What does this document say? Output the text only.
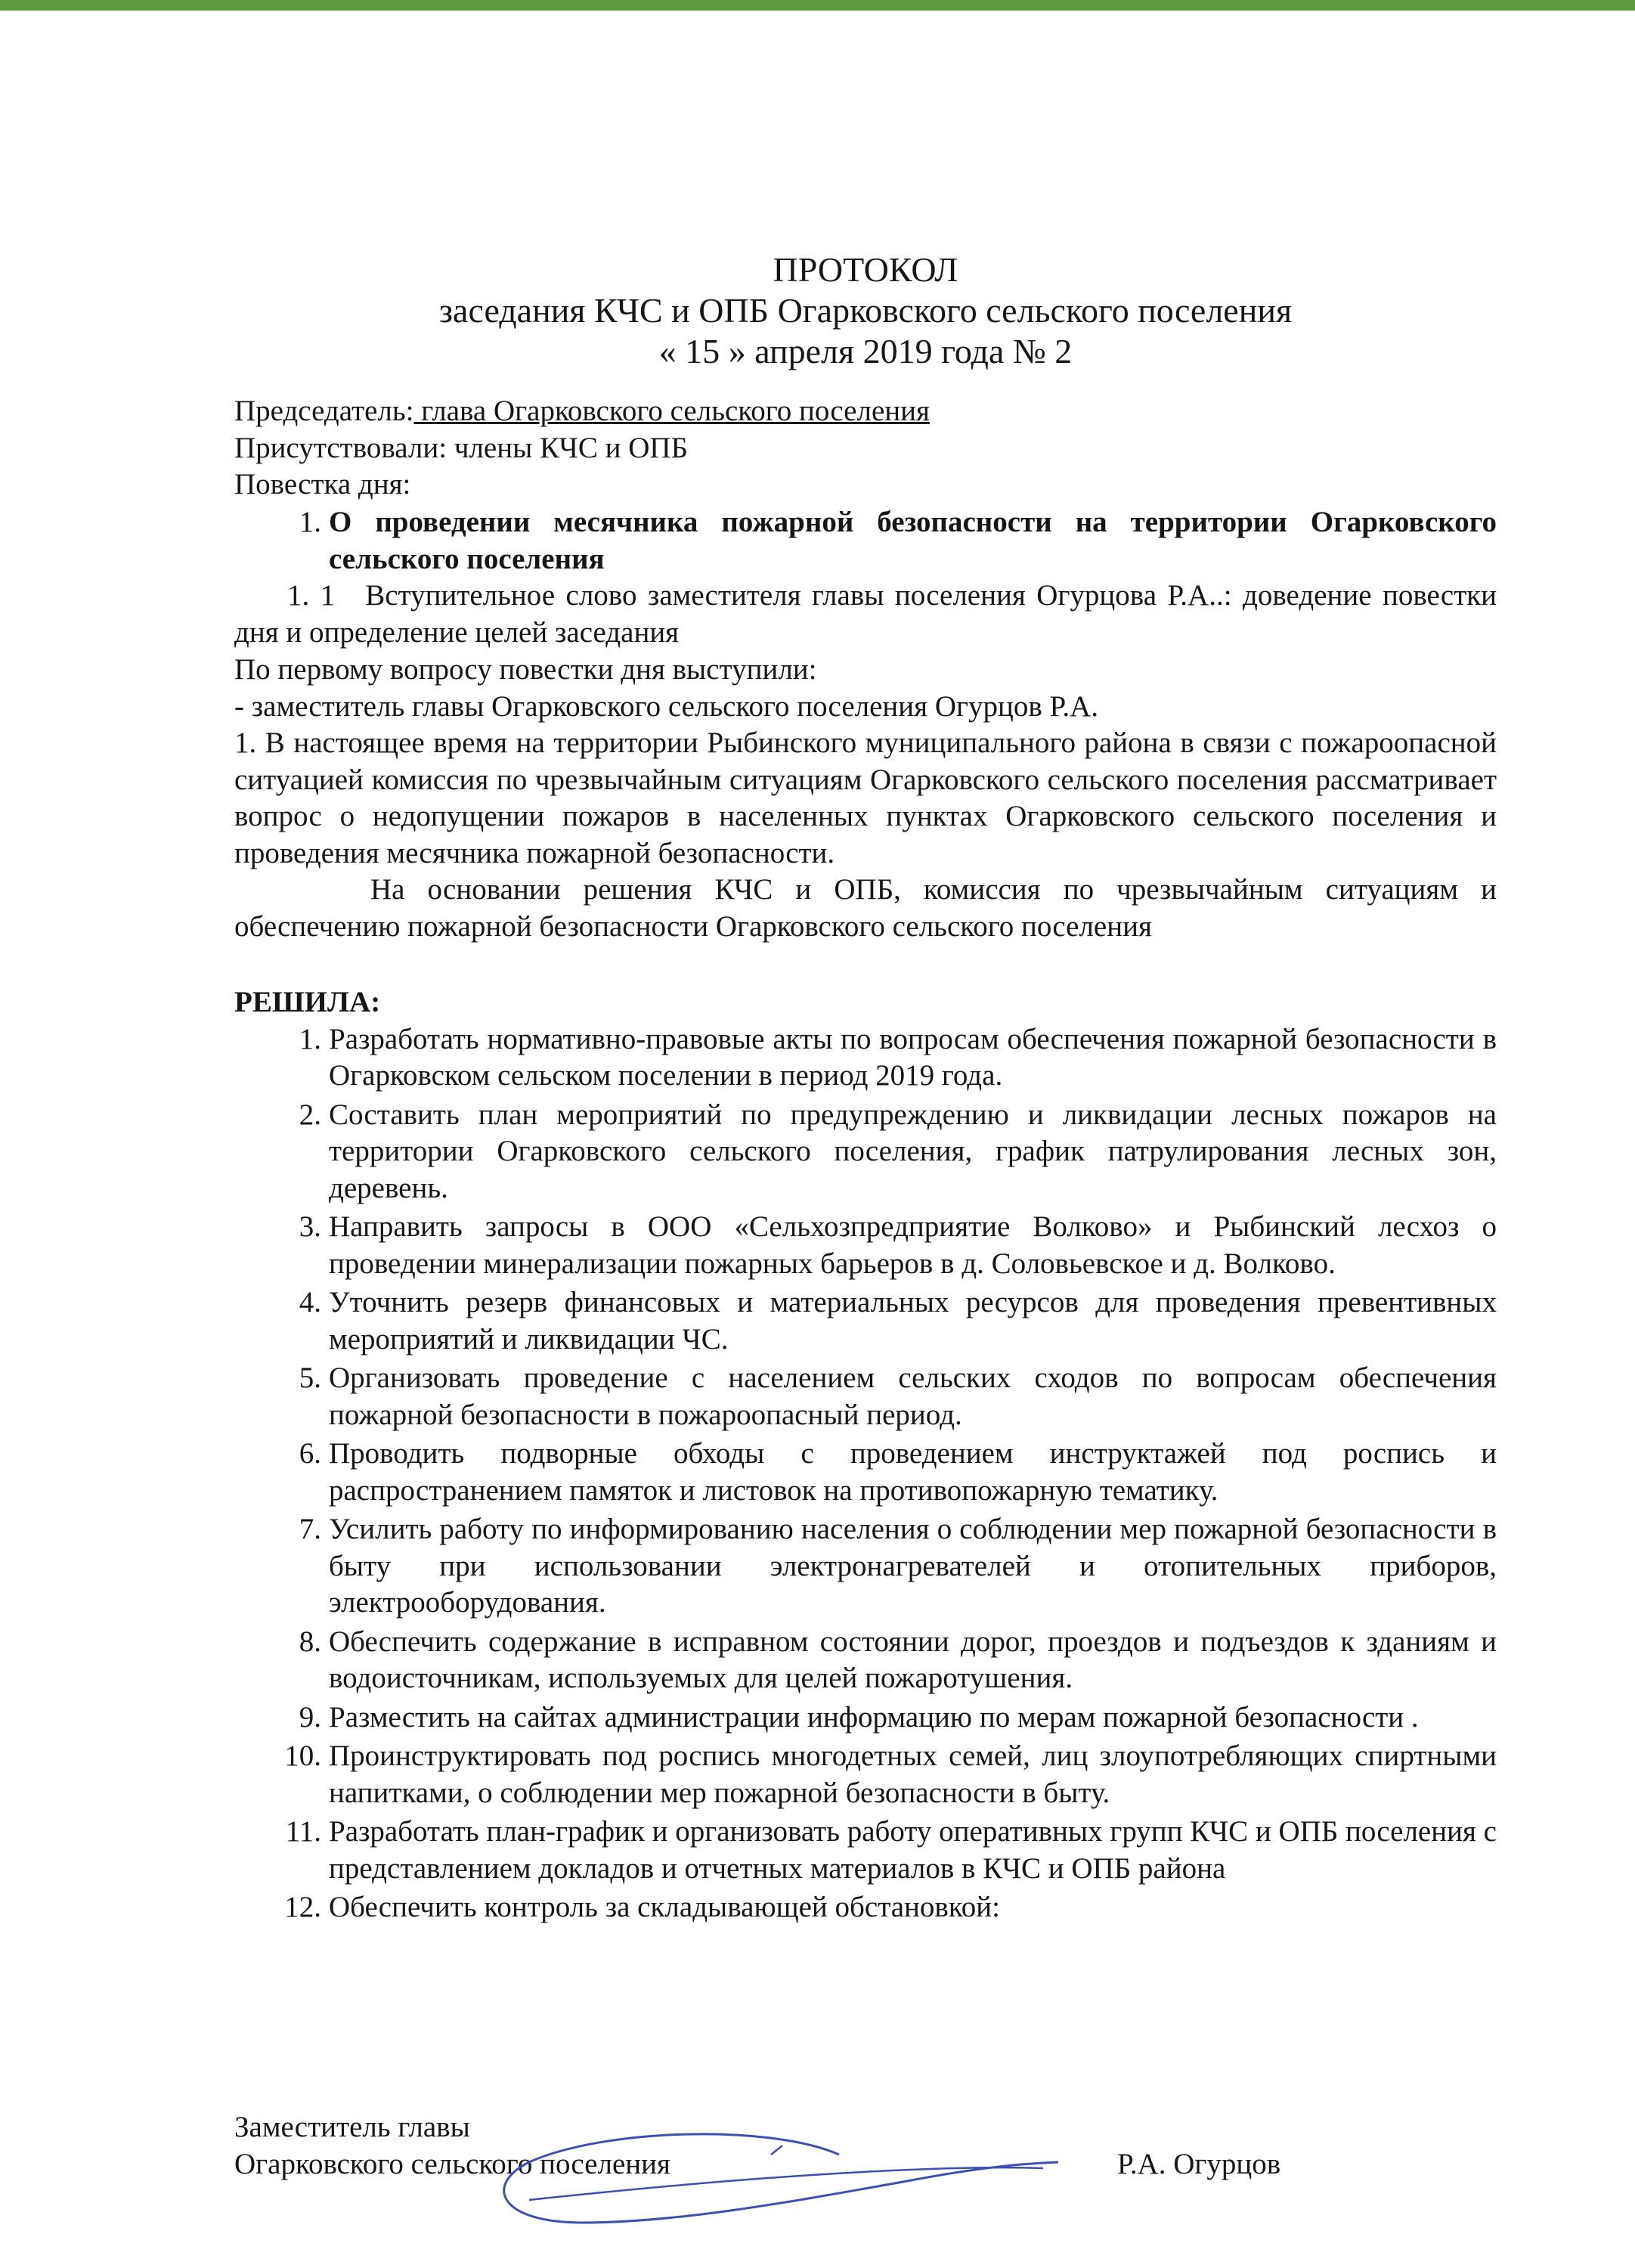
ПРОТОКОЛ
заседания КЧС и ОПБ Огарковского сельского поселения
« 15 » апреля 2019 года № 2
Председатель: глава Огарковского сельского поселения
Присутствовали: члены КЧС и ОПБ
Повестка дня:
1. О проведении месячника пожарной безопасности на территории Огарковского сельского поселения
1. 1 Вступительное слово заместителя главы поселения Огурцова Р.А..: доведение повестки дня и определение целей заседания
По первому вопросу повестки дня выступили:
- заместитель главы Огарковского сельского поселения Огурцов Р.А.
1. В настоящее время на территории Рыбинского муниципального района в связи с пожароопасной ситуацией комиссия по чрезвычайным ситуациям Огарковского сельского поселения рассматривает вопрос о недопущении пожаров в населенных пунктах Огарковского сельского поселения и проведения месячника пожарной безопасности.
На основании решения КЧС и ОПБ, комиссия по чрезвычайным ситуациям и обеспечению пожарной безопасности Огарковского сельского поселения
РЕШИЛА:
1. Разработать нормативно-правовые акты по вопросам обеспечения пожарной безопасности в Огарковском сельском поселении в период 2019 года.
2. Составить план мероприятий по предупреждению и ликвидации лесных пожаров на территории Огарковского сельского поселения, график патрулирования лесных зон, деревень.
3. Направить запросы в ООО «Сельхозпредприятие Волково» и Рыбинский лесхоз о проведении минерализации пожарных барьеров в д. Соловьевское и д. Волково.
4. Уточнить резерв финансовых и материальных ресурсов для проведения превентивных мероприятий и ликвидации ЧС.
5. Организовать проведение с населением сельских сходов по вопросам обеспечения пожарной безопасности в пожароопасный период.
6. Проводить подворные обходы с проведением инструктажей под роспись и распространением памяток и листовок на противопожарную тематику.
7. Усилить работу по информированию населения о соблюдении мер пожарной безопасности в быту при использовании электронагревателей и отопительных приборов, электрооборудования.
8. Обеспечить содержание в исправном состоянии дорог, проездов и подъездов к зданиям и водоисточникам, используемых для целей пожаротушения.
9. Разместить на сайтах администрации информацию по мерам пожарной безопасности .
10. Проинструктировать под роспись многодетных семей, лиц злоупотребляющих спиртными напитками, о соблюдении мер пожарной безопасности в быту.
11. Разработать план-график и организовать работу оперативных групп КЧС и ОПБ поселения с представлением докладов и отчетных материалов в КЧС и ОПБ района
12. Обеспечить контроль за складывающей обстановкой:
Заместитель главы
Огарковского сельского поселения	Р.А. Огурцов
